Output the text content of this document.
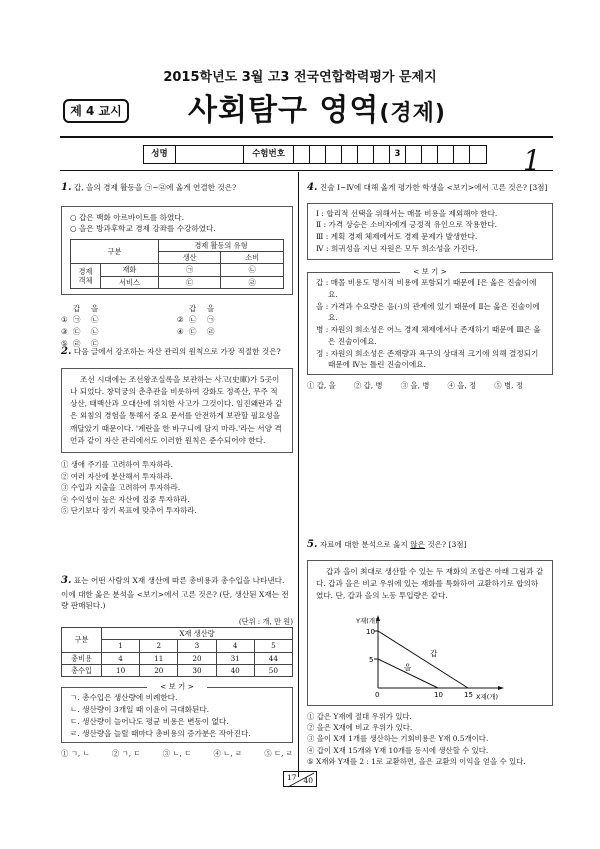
2015학년도 3월 고3 전국연합학력평가 문제지
제 4 교시 사회탐구 영역(경제)
성명	수험번호	3	1
1. 갑, 을의 경제 활동을 ㉠~㉣에 옳게 연결한 것은?
○ 갑은 백화 아르바이트를 하였다.
○ 을은 방과후학교 경제 강좌를 수강하였다.
구분		경제 활동의 유형	
		생산	소비
경제 객체	재화	㉠	㉡
	서비스	㉢	㉣
갑 을	갑 을
① ㉠ ㉡	② ㉡ ㉠
③ ㉢ ㉡	④ ㉢ ㉣
⑤ ㉣ ㉢
2. 다음 글에서 강조하는 자산 관리의 원칙으로 가장 적절한 것은?
조선 시대에는 조선왕조실록을 보관하는 사고(史庫)가 5곳이나 되었다. 창덕궁의 춘추관을 비롯하여 강화도 정족산, 무주 적상산, 태백산과 오대산에 위치한 사고가 그것이다. 임진왜란과 같은 외침의 경험을 통해서 중요 문서를 안전하게 보관할 필요성을 깨달았기 때문이다. '계란을 한 바구니에 담지 마라.'라는 서양 격언과 같이 자산 관리에서도 이러한 원칙은 준수되어야 한다.
① 생애 주기를 고려하여 투자하라.
② 여러 자산에 분산해서 투자하라.
③ 수입과 지출을 고려하여 투자하라.
④ 수익성이 높은 자산에 집중 투자하라.
⑤ 단기보다 장기 목표에 맞추어 투자하라.
3. 표는 어떤 사람의 X재 생산에 따른 총비용과 총수입을 나타낸다. 이에 대한 옳은 분석을 <보기>에서 고른 것은? (단, 생산된 X재는 전량 판매된다.)
(단위 : 개, 만 원)
구분	X재 생산량				
	1	2	3	4	5
총비용	4	11	20	31	44
총수입	10	20	30	40	50
< 보 기 >
ㄱ. 총수입은 생산량에 비례한다.
ㄴ. 생산량이 3개일 때 이윤이 극대화된다.
ㄷ. 생산량이 늘어나도 평균 비용은 변동이 없다.
ㄹ. 생산량을 늘릴 때마다 총비용의 증가분은 작아진다.
① ㄱ, ㄴ	② ㄱ, ㄷ	③ ㄴ, ㄷ	④ ㄴ, ㄹ	⑤ ㄷ, ㄹ
4. 진술 Ⅰ~Ⅳ에 대해 옳게 평가한 학생을 <보기>에서 고른 것은? [3점]
Ⅰ : 합리적 선택을 위해서는 매몰 비용을 제외해야 한다.
Ⅱ : 가격 상승은 소비자에게 긍정적 유인으로 작용한다.
Ⅲ : 계획 경제 체제에서도 경제 문제가 발생한다.
Ⅳ : 희귀성을 지닌 자원은 모두 희소성을 가진다.
< 보 기 >
갑 : 매몰 비용도 명시적 비용에 포함되기 때문에 Ⅰ은 옳은 진술이에요.
을 : 가격과 수요량은 음(-)의 관계에 있기 때문에 Ⅱ는 옳은 진술이에요.
병 : 자원의 희소성은 어느 경제 체제에서나 존재하기 때문에 Ⅲ은 옳은 진술이에요.
정 : 자원의 희소성은 존재량과 욕구의 상대적 크기에 의해 결정되기 때문에 Ⅳ는 틀린 진술이에요.
① 갑, 을 ② 갑, 병 ③ 을, 병 ④ 을, 정 ⑤ 병, 정
5. 자료에 대한 분석으로 옳지 않은 것은? [3점]
갑과 을이 최대로 생산할 수 있는 두 재화의 조합은 아래 그림과 같다. 갑과 을은 비교 우위에 있는 재화를 특화하여 교환하기로 합의하였다. 단, 갑과 을의 노동 투입량은 같다.
Y재(개)
10
5
0	10	15 X재(개)
갑
을
① 갑은 Y재에 절대 우위가 있다.
② 을은 X재에 비교 우위가 있다.
③ 을이 X재 1개를 생산하는 기회비용은 Y재 0.5개이다.
④ 갑이 X재 15개와 Y재 10개를 동시에 생산할 수 있다.
⑤ X재와 Y재를 2 : 1로 교환하면, 을은 교환의 이익을 얻을 수 있다.
17 40
